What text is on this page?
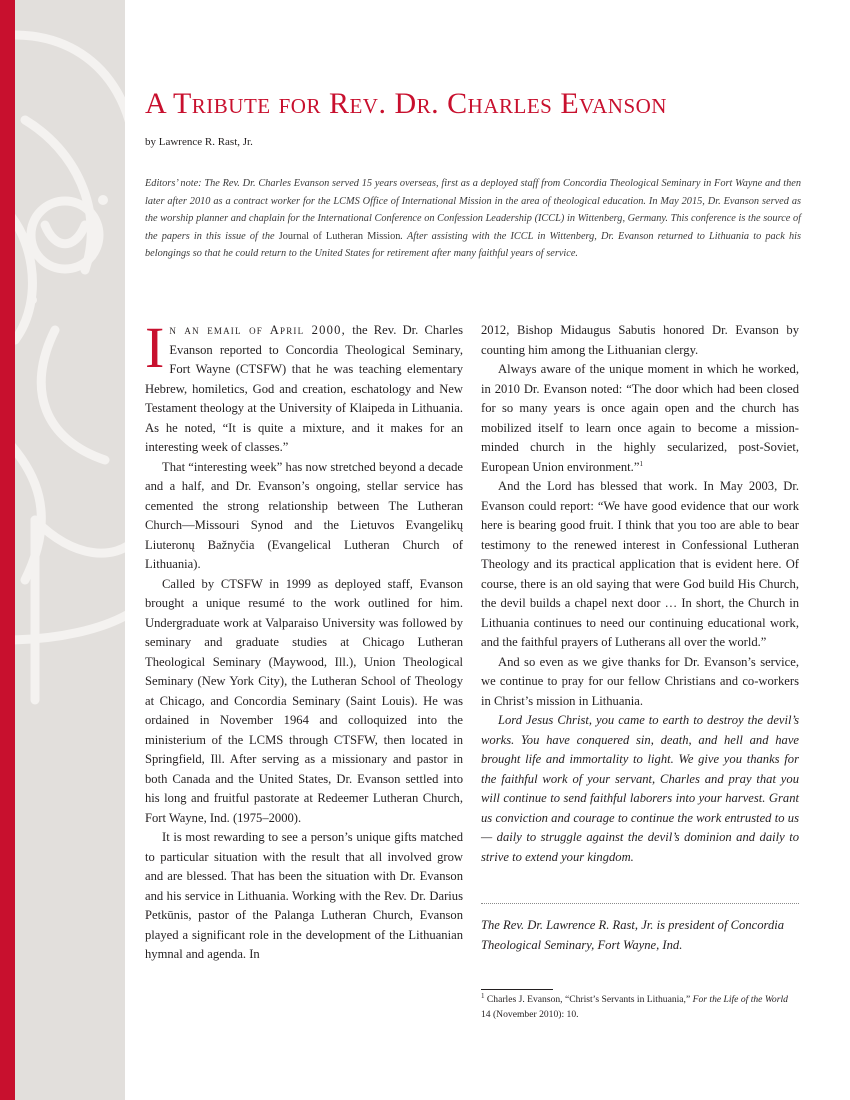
A Tribute for Rev. Dr. Charles Evanson
by Lawrence R. Rast, Jr.

Editors’ note: The Rev. Dr. Charles Evanson served 15 years overseas, first as a deployed staff from Concordia Theological Seminary in Fort Wayne and then later after 2010 as a contract worker for the LCMS Office of International Mission in the area of theological education. In May 2015, Dr. Evanson served as the worship planner and chaplain for the International Conference on Confession Leadership (ICCL) in Wittenberg, Germany. This conference is the source of the papers in this issue of the Journal of Lutheran Mission. After assisting with the ICCL in Wittenberg, Dr. Evanson returned to Lithuania to pack his belongings so that he could return to the United States for retirement after many faithful years of service.

In an email of April 2000, the Rev. Dr. Charles Evanson reported to Concordia Theological Seminary, Fort Wayne (CTSFW) that he was teaching elementary Hebrew, homiletics, God and creation, eschatology and New Testament theology at the University of Klaipeda in Lithuania. As he noted, “It is quite a mixture, and it makes for an interesting week of classes.”

That “interesting week” has now stretched beyond a decade and a half, and Dr. Evanson’s ongoing, stellar service has cemented the strong relationship between The Lutheran Church—Missouri Synod and the Lietuvos Evangelikų Liuteronų Bažnyčia (Evangelical Lutheran Church of Lithuania).

Called by CTSFW in 1999 as deployed staff, Evanson brought a unique resumé to the work outlined for him. Undergraduate work at Valparaiso University was followed by seminary and graduate studies at Chicago Lutheran Theological Seminary (Maywood, Ill.), Union Theological Seminary (New York City), the Lutheran School of Theology at Chicago, and Concordia Seminary (Saint Louis). He was ordained in November 1964 and colloquized into the ministerium of the LCMS through CTSFW, then located in Springfield, Ill. After serving as a missionary and pastor in both Canada and the United States, Dr. Evanson settled into his long and fruitful pastorate at Redeemer Lutheran Church, Fort Wayne, Ind. (1975–2000).

It is most rewarding to see a person’s unique gifts matched to particular situation with the result that all involved grow and are blessed. That has been the situation with Dr. Evanson and his service in Lithuania. Working with the Rev. Dr. Darius Petkūnis, pastor of the Palanga Lutheran Church, Evanson played a significant role in the development of the Lithuanian hymnal and agenda. In

2012, Bishop Midaugus Sabutis honored Dr. Evanson by counting him among the Lithuanian clergy.

Always aware of the unique moment in which he worked, in 2010 Dr. Evanson noted: “The door which had been closed for so many years is once again open and the church has mobilized itself to learn once again to become a mission-minded church in the highly secularized, post-Soviet, European Union environment.”$^1$

And the Lord has blessed that work. In May 2003, Dr. Evanson could report: “We have good evidence that our work here is bearing good fruit. I think that you too are able to bear testimony to the renewed interest in Confessional Lutheran Theology and its practical application that is evident here. Of course, there is an old saying that were God build His Church, the devil builds a chapel next door … In short, the Church in Lithuania continues to need our continuing educational work, and the faithful prayers of Lutherans all over the world.”

And so even as we give thanks for Dr. Evanson’s service, we continue to pray for our fellow Christians and co-workers in Christ’s mission in Lithuania.

Lord Jesus Christ, you came to earth to destroy the devil’s works. You have conquered sin, death, and hell and have brought life and immortality to light. We give you thanks for the faithful work of your servant, Charles and pray that you will continue to send faithful laborers into your harvest. Grant us conviction and courage to continue the work entrusted to us — daily to struggle against the devil’s dominion and daily to strive to extend your kingdom.

The Rev. Dr. Lawrence R. Rast, Jr. is president of Concordia Theological Seminary, Fort Wayne, Ind.

$^1$ Charles J. Evanson, “Christ’s Servants in Lithuania,” For the Life of the World 14 (November 2010): 10.
